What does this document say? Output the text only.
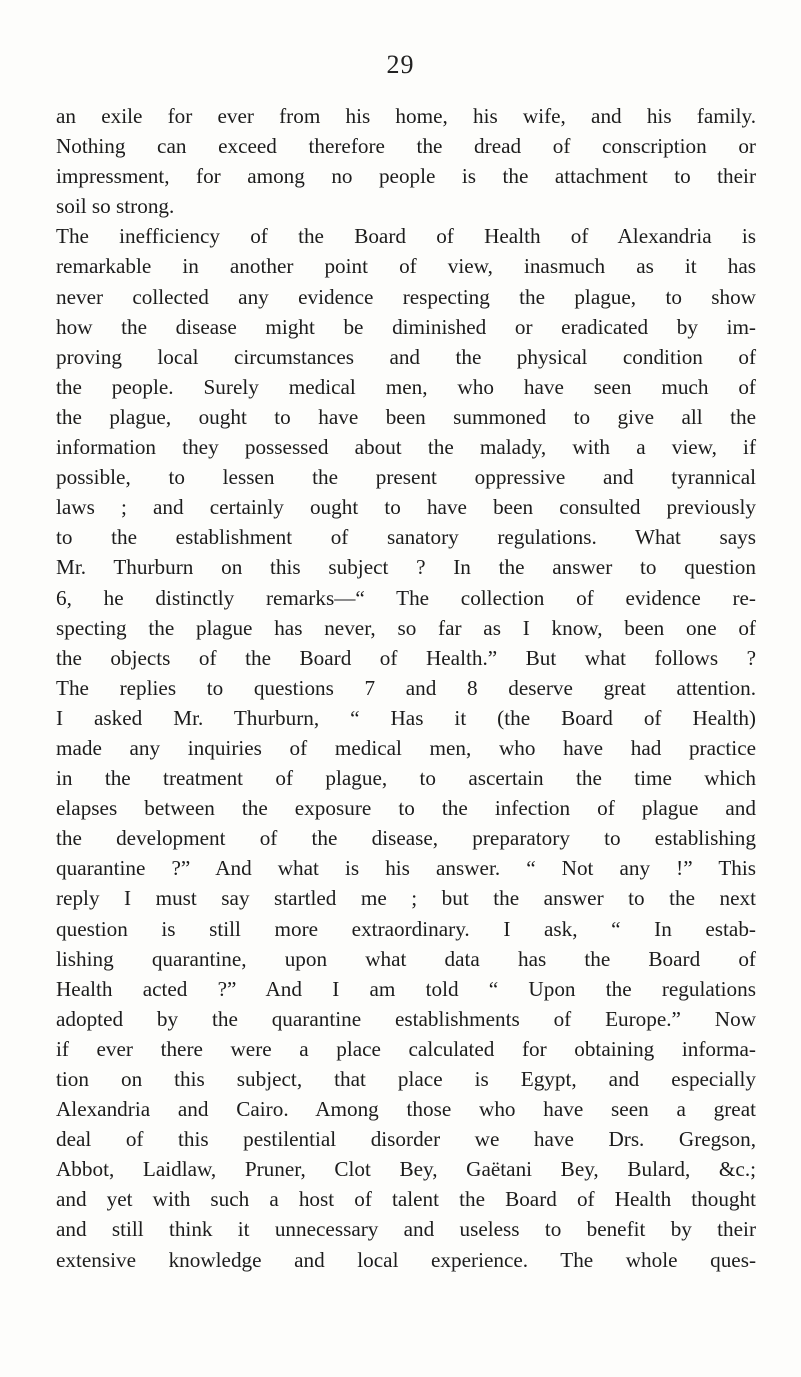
29
an exile for ever from his home, his wife, and his family.
Nothing can exceed therefore the dread of conscription or
impressment, for among no people is the attachment to their
soil so strong.
The inefficiency of the Board of Health of Alexandria is
remarkable in another point of view, inasmuch as it has
never collected any evidence respecting the plague, to show
how the disease might be diminished or eradicated by im-
proving local circumstances and the physical condition of
the people. Surely medical men, who have seen much of
the plague, ought to have been summoned to give all the
information they possessed about the malady, with a view, if
possible, to lessen the present oppressive and tyrannical
laws ; and certainly ought to have been consulted previously
to the establishment of sanatory regulations. What says
Mr. Thurburn on this subject ? In the answer to question
6, he distinctly remarks—“ The collection of evidence re-
specting the plague has never, so far as I know, been one of
the objects of the Board of Health.” But what follows ?
The replies to questions 7 and 8 deserve great attention.
I asked Mr. Thurburn, “ Has it (the Board of Health)
made any inquiries of medical men, who have had practice
in the treatment of plague, to ascertain the time which
elapses between the exposure to the infection of plague and
the development of the disease, preparatory to establishing
quarantine ?” And what is his answer. “ Not any !” This
reply I must say startled me ; but the answer to the next
question is still more extraordinary. I ask, “ In estab-
lishing quarantine, upon what data has the Board of
Health acted ?” And I am told “ Upon the regulations
adopted by the quarantine establishments of Europe.” Now
if ever there were a place calculated for obtaining informa-
tion on this subject, that place is Egypt, and especially
Alexandria and Cairo. Among those who have seen a great
deal of this pestilential disorder we have Drs. Gregson,
Abbot, Laidlaw, Pruner, Clot Bey, Gaëtani Bey, Bulard, &c.;
and yet with such a host of talent the Board of Health thought
and still think it unnecessary and useless to benefit by their
extensive knowledge and local experience. The whole ques-
